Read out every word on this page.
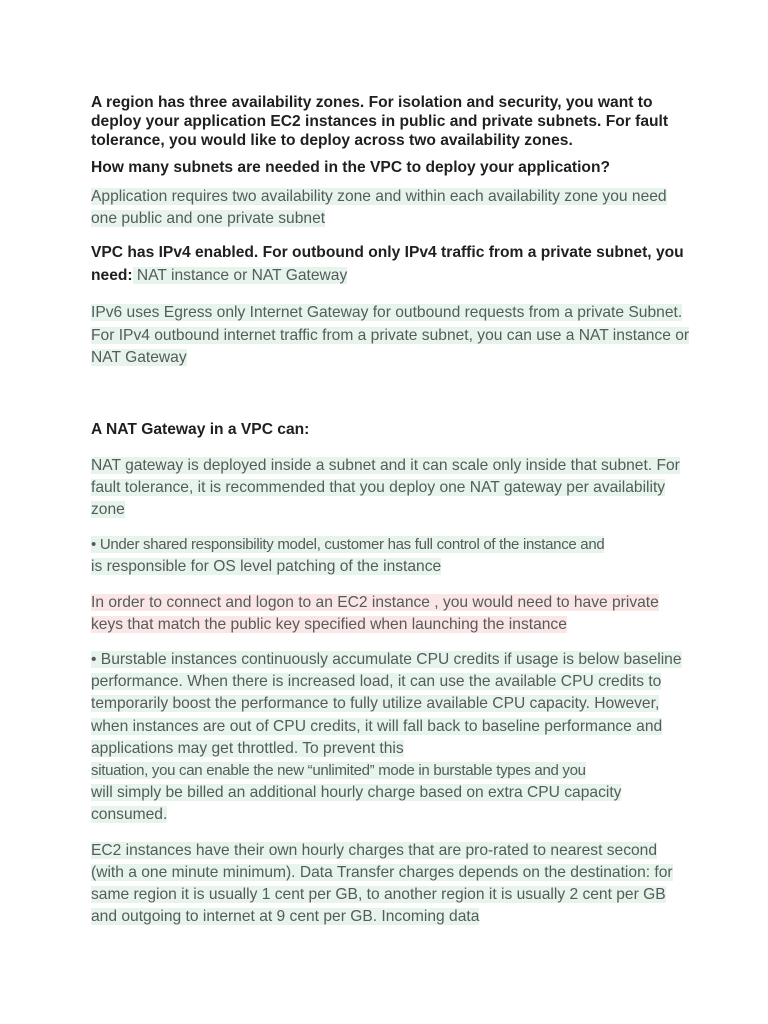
A region has three availability zones. For isolation and security, you want to deploy your application EC2 instances in public and private subnets. For fault tolerance, you would like to deploy across two availability zones.

How many subnets are needed in the VPC to deploy your application?

Application requires two availability zone and within each availability zone you need one public and one private subnet

VPC has IPv4 enabled. For outbound only IPv4 traffic from a private subnet, you need: NAT instance or NAT Gateway

IPv6 uses Egress only Internet Gateway for outbound requests from a private Subnet. For IPv4 outbound internet traffic from a private subnet, you can use a NAT instance or NAT Gateway

A NAT Gateway in a VPC can:

NAT gateway is deployed inside a subnet and it can scale only inside that subnet. For fault tolerance, it is recommended that you deploy one NAT gateway per availability zone

• Under shared responsibility model, customer has full control of the instance and
is responsible for OS level patching of the instance

In order to connect and logon to an EC2 instance , you would need to have private keys that match the public key specified when launching the instance

• Burstable instances continuously accumulate CPU credits if usage is below baseline performance. When there is increased load, it can use the available CPU credits to temporarily boost the performance to fully utilize available CPU capacity. However, when instances are out of CPU credits, it will fall back to baseline performance and applications may get throttled. To prevent this
situation, you can enable the new “unlimited” mode in burstable types and you
will simply be billed an additional hourly charge based on extra CPU capacity consumed.

EC2 instances have their own hourly charges that are pro-rated to nearest second (with a one minute minimum). Data Transfer charges depends on the destination: for same region it is usually 1 cent per GB, to another region it is usually 2 cent per GB and outgoing to internet at 9 cent per GB. Incoming data
